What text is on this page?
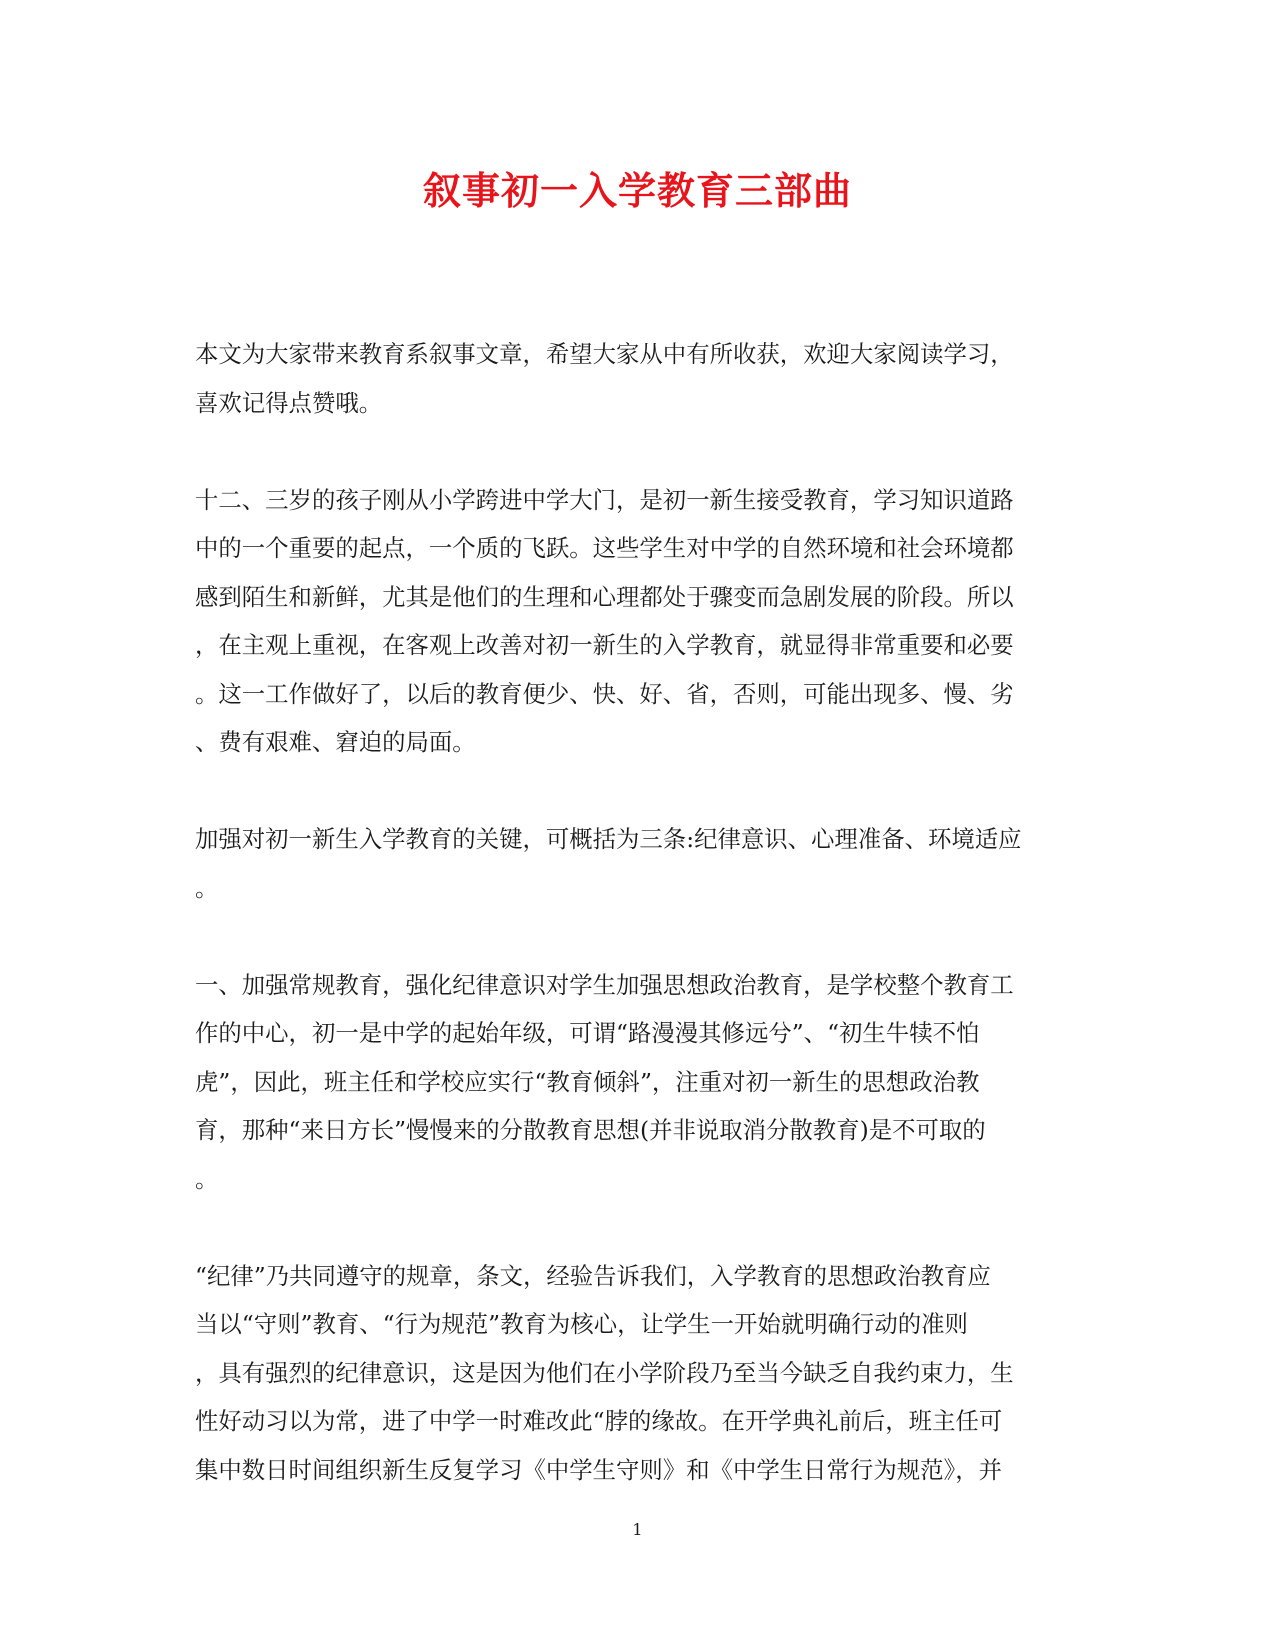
叙事初一入学教育三部曲

本文为大家带来教育系叙事文章，希望大家从中有所收获，欢迎大家阅读学习，
喜欢记得点赞哦。

十二、三岁的孩子刚从小学跨进中学大门，是初一新生接受教育，学习知识道路
中的一个重要的起点，一个质的飞跃。这些学生对中学的自然环境和社会环境都
感到陌生和新鲜，尤其是他们的生理和心理都处于骤变而急剧发展的阶段。所以
，在主观上重视，在客观上改善对初一新生的入学教育，就显得非常重要和必要
。这一工作做好了，以后的教育便少、快、好、省，否则，可能出现多、慢、劣
、费有艰难、窘迫的局面。

加强对初一新生入学教育的关键，可概括为三条:纪律意识、心理准备、环境适应
。

一、加强常规教育，强化纪律意识对学生加强思想政治教育，是学校整个教育工
作的中心，初一是中学的起始年级，可谓“路漫漫其修远兮”、“初生牛犊不怕
虎”，因此，班主任和学校应实行“教育倾斜”，注重对初一新生的思想政治教
育，那种“来日方长”慢慢来的分散教育思想(并非说取消分散教育)是不可取的
。

“纪律”乃共同遵守的规章，条文，经验告诉我们，入学教育的思想政治教育应
当以“守则”教育、“行为规范”教育为核心，让学生一开始就明确行动的准则
，具有强烈的纪律意识，这是因为他们在小学阶段乃至当今缺乏自我约束力，生
性好动习以为常，进了中学一时难改此“脖的缘故。在开学典礼前后，班主任可
集中数日时间组织新生反复学习《中学生守则》和《中学生日常行为规范》，并

1
